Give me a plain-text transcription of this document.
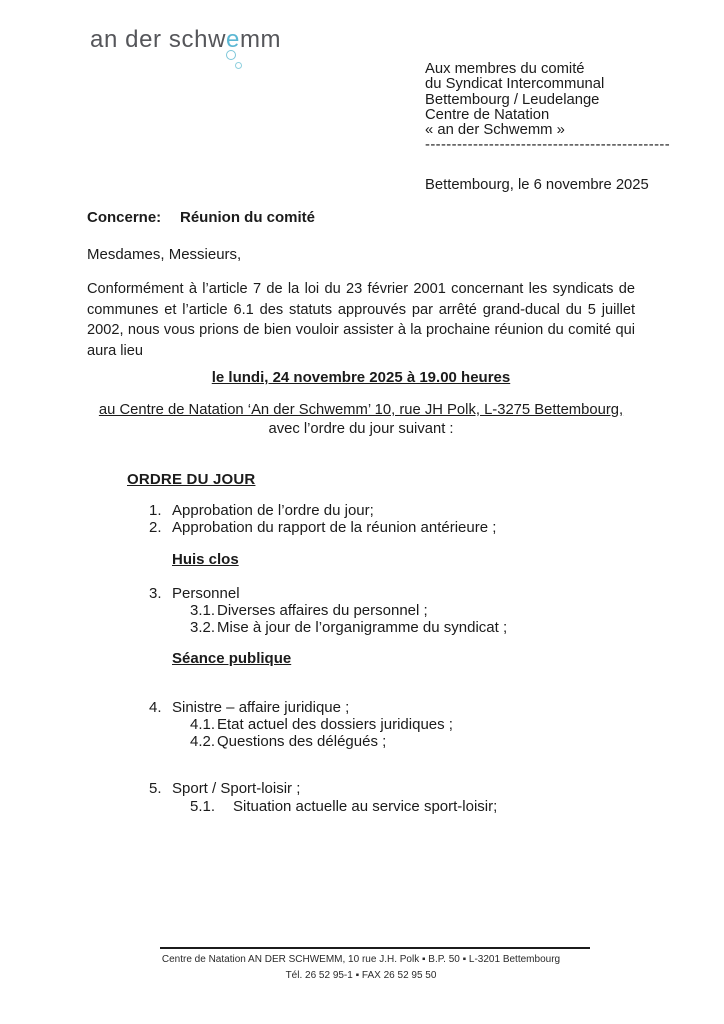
an der schwe
mm
Aux membres du comité
du Syndicat Intercommunal
Bettembourg / Leudelange
Centre de Natation
« an der Schwemm »
----------------------------------------------
Bettembourg, le 6 novembre 2025
Concerne: Réunion du comité
Mesdames, Messieurs,
Conformément à l’article 7 de la loi du 23 février 2001 concernant les syndicats de communes et l’article 6.1 des statuts approuvés par arrêté grand-ducal du 5 juillet 2002, nous vous prions de bien vouloir assister à la prochaine réunion du comité qui aura lieu
le lundi, 24 novembre 2025 à 19.00 heures
au Centre de Natation ‘An der Schwemm’ 10, rue JH Polk, L-3275 Bettembourg,
avec l’ordre du jour suivant :
ORDRE DU JOUR
1. Approbation de l’ordre du jour;
2. Approbation du rapport de la réunion antérieure ;
Huis clos
3. Personnel
3.1. Diverses affaires du personnel ;
3.2. Mise à jour de l’organigramme du syndicat ;
Séance publique
4. Sinistre – affaire juridique ;
4.1. Etat actuel des dossiers juridiques ;
4.2. Questions des délégués ;
5. Sport / Sport-loisir ;
5.1. Situation actuelle au service sport-loisir;
Centre de Natation AN DER SCHWEMM, 10 rue J.H. Polk ▪ B.P. 50 ▪ L-3201 Bettembourg
Tél. 26 52 95-1 ▪ FAX 26 52 95 50
